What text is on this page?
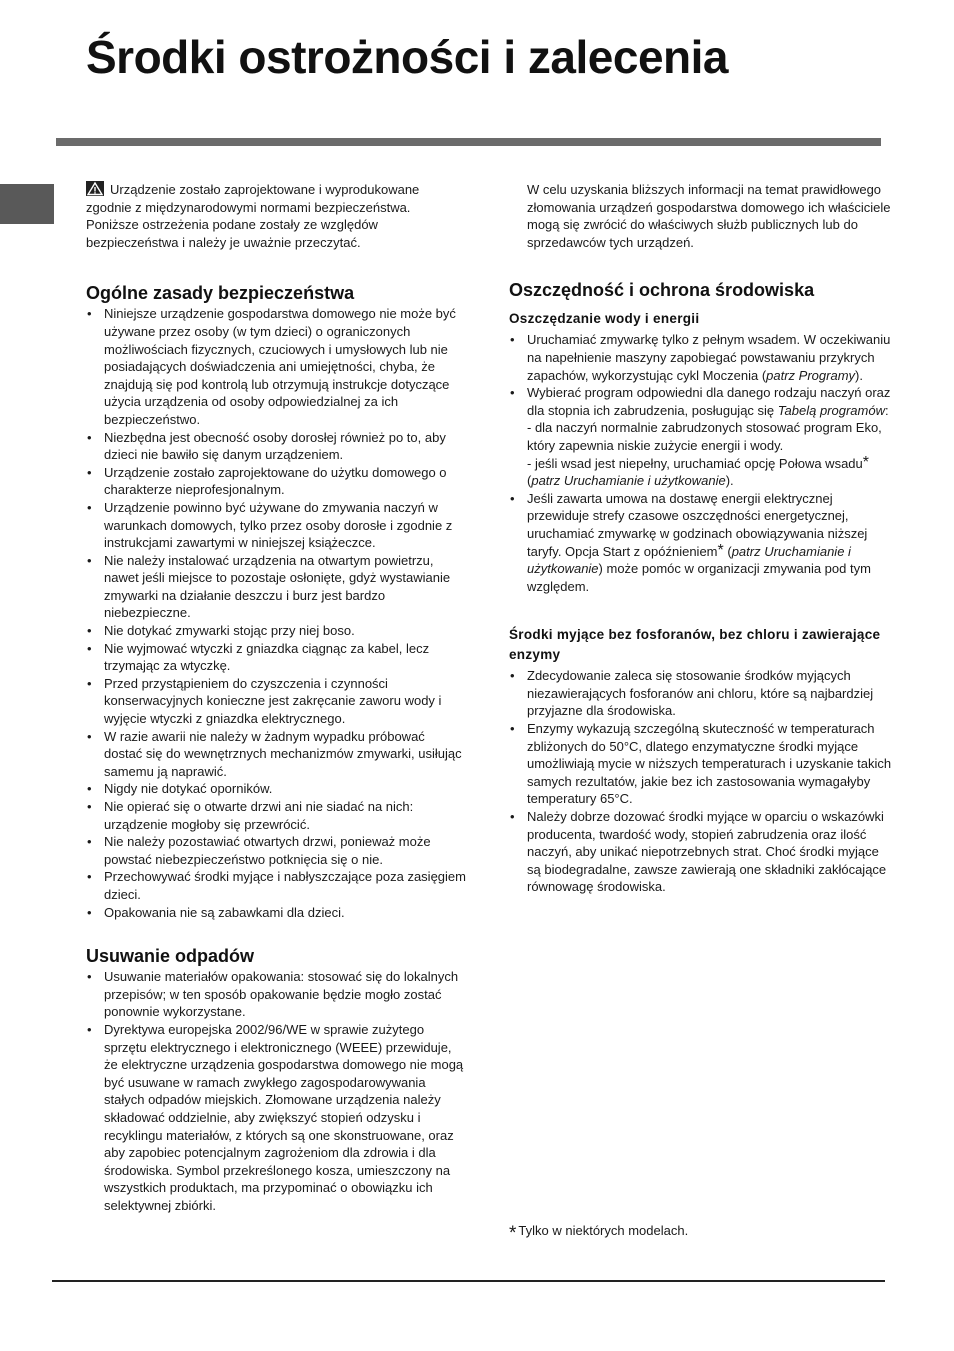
Środki ostrożności i zalecenia

Urządzenie zostało zaprojektowane i wyprodukowane zgodnie z międzynarodowymi normami bezpieczeństwa. Poniższe ostrzeżenia podane zostały ze względów bezpieczeństwa i należy je uważnie przeczytać.

Ogólne zasady bezpieczeństwa
• Niniejsze urządzenie gospodarstwa domowego nie może być używane przez osoby (w tym dzieci) o ograniczonych możliwościach fizycznych, czuciowych i umysłowych lub nie posiadających doświadczenia ani umiejętności, chyba, że znajdują się pod kontrolą lub otrzymują instrukcje dotyczące użycia urządzenia od osoby odpowiedzialnej za ich bezpieczeństwo.
• Niezbędna jest obecność osoby dorosłej również po to, aby dzieci nie bawiło się danym urządzeniem.
• Urządzenie zostało zaprojektowane do użytku domowego o charakterze nieprofesjonalnym.
• Urządzenie powinno być używane do zmywania naczyń w warunkach domowych, tylko przez osoby dorosłe i zgodnie z instrukcjami zawartymi w niniejszej książeczce.
• Nie należy instalować urządzenia na otwartym powietrzu, nawet jeśli miejsce to pozostaje osłonięte, gdyż wystawianie zmywarki na działanie deszczu i burz jest bardzo niebezpieczne.
• Nie dotykać zmywarki stojąc przy niej boso.
• Nie wyjmować wtyczki z gniazdka ciągnąc za kabel, lecz trzymając za wtyczkę.
• Przed przystąpieniem do czyszczenia i czynności konserwacyjnych konieczne jest zakręcanie zaworu wody i wyjęcie wtyczki z gniazdka elektrycznego.
• W razie awarii nie należy w żadnym wypadku próbować dostać się do wewnętrznych mechanizmów zmywarki, usiłując samemu ją naprawić.
• Nigdy nie dotykać oporników.
• Nie opierać się o otwarte drzwi ani nie siadać na nich: urządzenie mogłoby się przewrócić.
• Nie należy pozostawiać otwartych drzwi, ponieważ może powstać niebezpieczeństwo potknięcia się o nie.
• Przechowywać środki myjące i nabłyszczające poza zasięgiem dzieci.
• Opakowania nie są zabawkami dla dzieci.
Usuwanie odpadów
• Usuwanie materiałów opakowania: stosować się do lokalnych przepisów; w ten sposób opakowanie będzie mogło zostać ponownie wykorzystane.
• Dyrektywa europejska 2002/96/WE w sprawie zużytego sprzętu elektrycznego i elektronicznego (WEEE) przewiduje, że elektryczne urządzenia gospodarstwa domowego nie mogą być usuwane w ramach zwykłego zagospodarowywania stałych odpadów miejskich. Złomowane urządzenia należy składować oddzielnie, aby zwiększyć stopień odzysku i recyklingu materiałów, z których są one skonstruowane, oraz aby zapobiec potencjalnym zagrożeniom dla zdrowia i dla środowiska. Symbol przekreślonego kosza, umieszczony na wszystkich produktach, ma przypominać o obowiązku ich selektywnej zbiórki.

W celu uzyskania bliższych informacji na temat prawidłowego złomowania urządzeń gospodarstwa domowego ich właściciele mogą się zwrócić do właściwych służb publicznych lub do sprzedawców tych urządzeń.

Oszczędność i ochrona środowiska
Oszczędzanie wody i energii
• Uruchamiać zmywarkę tylko z pełnym wsadem. W oczekiwaniu na napełnienie maszyny zapobiegać powstawaniu przykrych zapachów, wykorzystując cykl Moczenia (patrz Programy).
• Wybierać program odpowiedni dla danego rodzaju naczyń oraz dla stopnia ich zabrudzenia, posługując się Tabelą programów:
- dla naczyń normalnie zabrudzonych stosować program Eko, który zapewnia niskie zużycie energii i wody.
- jeśli wsad jest niepełny, uruchamiać opcję Połowa wsadu* (patrz Uruchamianie i użytkowanie).
• Jeśli zawarta umowa na dostawę energii elektrycznej przewiduje strefy czasowe oszczędności energetycznej, uruchamiać zmywarkę w godzinach obowiązywania niższej taryfy. Opcja Start z opóźnieniem* (patrz Uruchamianie i użytkowanie) może pomóc w organizacji zmywania pod tym względem.
Środki myjące bez fosforanów, bez chloru i zawierające enzymy
• Zdecydowanie zaleca się stosowanie środków myjących niezawierających fosforanów ani chloru, które są najbardziej przyjazne dla środowiska.
• Enzymy wykazują szczególną skuteczność w temperaturach zbliżonych do 50°C, dlatego enzymatyczne środki myjące umożliwiają mycie w niższych temperaturach i uzyskanie takich samych rezultatów, jakie bez ich zastosowania wymagałyby temperatury 65°C.
• Należy dobrze dozować środki myjące w oparciu o wskazówki producenta, twardość wody, stopień zabrudzenia oraz ilość naczyń, aby unikać niepotrzebnych strat. Choć środki myjące są biodegradalne, zawsze zawierają one składniki zakłócające równowagę środowiska.
* Tylko w niektórych modelach.
